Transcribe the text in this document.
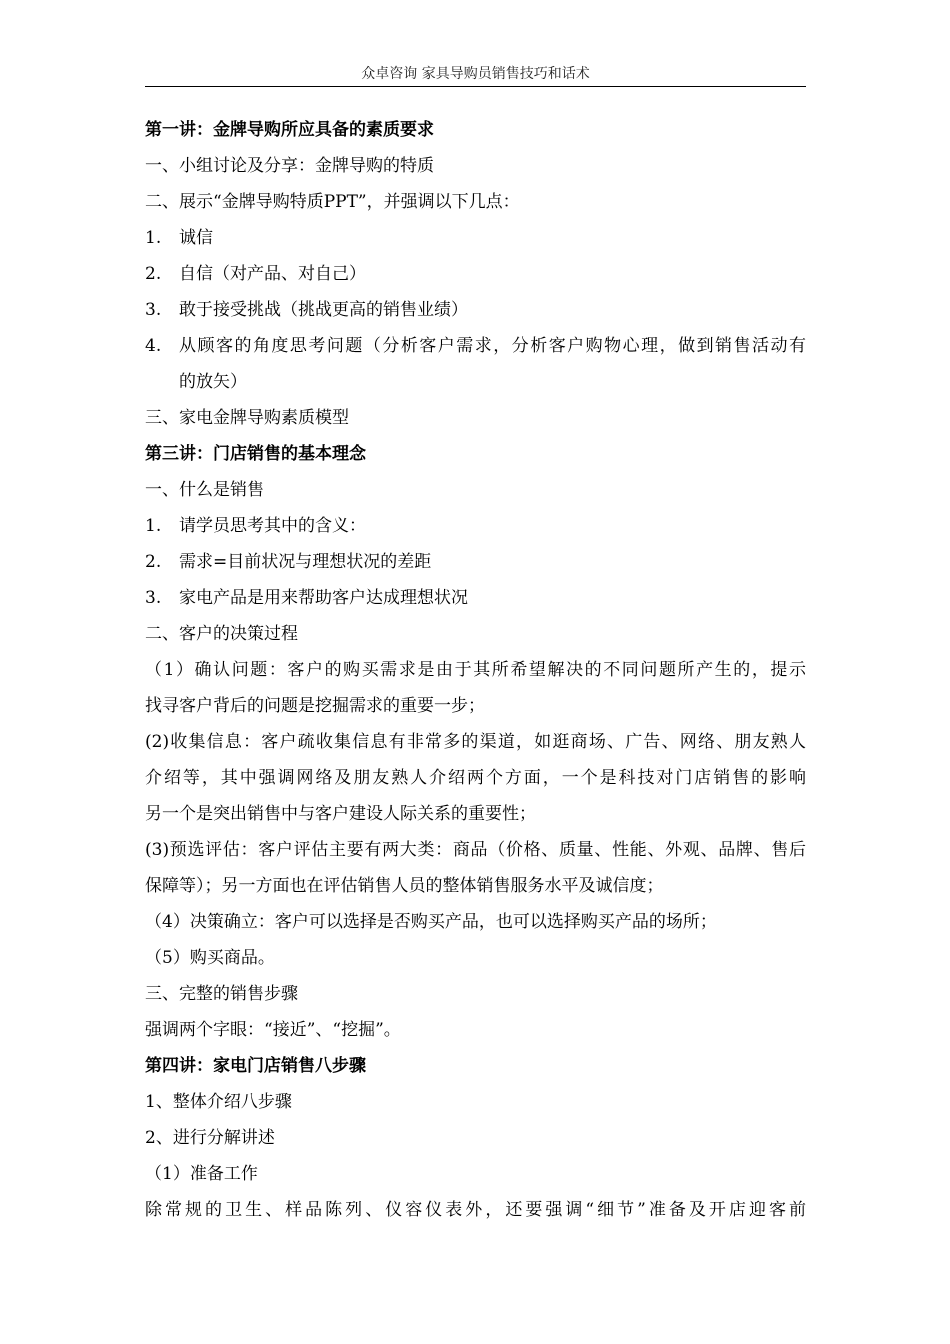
众卓咨询 家具导购员销售技巧和话术
第一讲：金牌导购所应具备的素质要求
一、小组讨论及分享：金牌导购的特质
二、展示“金牌导购特质PPT”，并强调以下几点：
1.	诚信
2.	自信（对产品、对自己）
3.	敢于接受挑战（挑战更高的销售业绩）
4.	从顾客的角度思考问题（分析客户需求，分析客户购物心理，做到销售活动有
的放矢）
三、家电金牌导购素质模型
第三讲：门店销售的基本理念
一、什么是销售
1.	请学员思考其中的含义：
2.	需求=目前状况与理想状况的差距
3.	家电产品是用来帮助客户达成理想状况
二、客户的决策过程
（1）确认问题：客户的购买需求是由于其所希望解决的不同问题所产生的，提示
找寻客户背后的问题是挖掘需求的重要一步；
(2)收集信息：客户疏收集信息有非常多的渠道，如逛商场、广告、网络、朋友熟人
介绍等，其中强调网络及朋友熟人介绍两个方面，一个是科技对门店销售的影响
另一个是突出销售中与客户建设人际关系的重要性；
(3)预选评估：客户评估主要有两大类：商品（价格、质量、性能、外观、品牌、售后
保障等）；另一方面也在评估销售人员的整体销售服务水平及诚信度；
（4）决策确立：客户可以选择是否购买产品，也可以选择购买产品的场所；
（5）购买商品。
三、完整的销售步骤
强调两个字眼：“接近”、“挖掘”。
第四讲：家电门店销售八步骤
1、整体介绍八步骤
2、进行分解讲述
（1）准备工作
除常规的卫生、样品陈列、仪容仪表外，还要强调“细节”准备及开店迎客前
